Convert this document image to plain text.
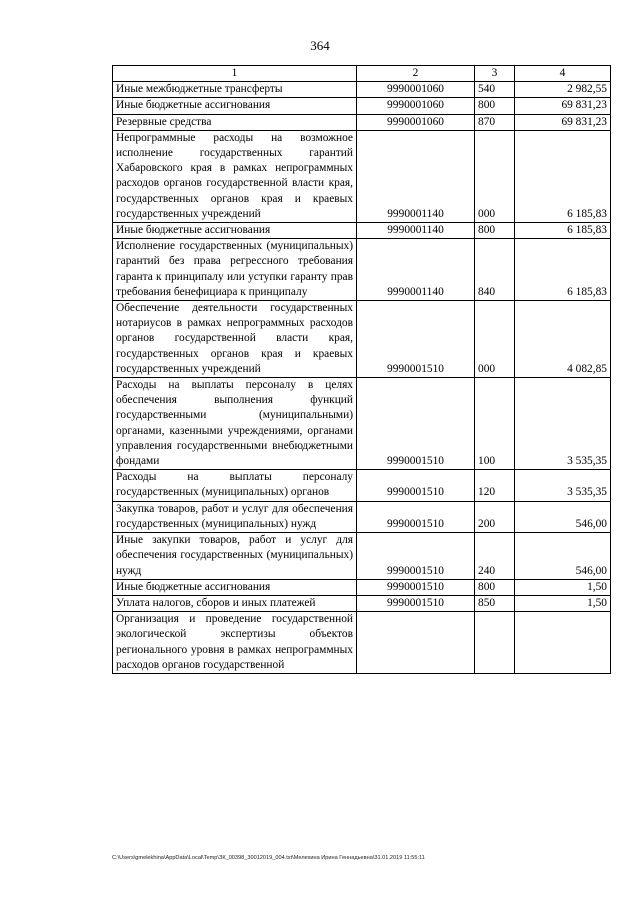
364
1	2	3	4
Иные межбюджетные трансферты	9990001060	540	2 982,55
Иные бюджетные ассигнования	9990001060	800	69 831,23
Резервные средства	9990001060	870	69 831,23
Непрограммные расходы на возможное исполнение государственных гарантий Хабаровского края в рамках непрограммных расходов органов государственной власти края, государственных органов края и краевых государственных учреждений	9990001140	000	6 185,83
Иные бюджетные ассигнования	9990001140	800	6 185,83
Исполнение государственных (муниципальных) гарантий без права регрессного требования гаранта к принципалу или уступки гаранту прав требования бенефициара к принципалу	9990001140	840	6 185,83
Обеспечение деятельности государственных нотариусов в рамках непрограммных расходов органов государственной власти края, государственных органов края и краевых государственных учреждений	9990001510	000	4 082,85
Расходы на выплаты персоналу в целях обеспечения выполнения функций государственными (муниципальными) органами, казенными учреждениями, органами управления государственными внебюджетными фондами	9990001510	100	3 535,35
Расходы на выплаты персоналу государственных (муниципальных) органов	9990001510	120	3 535,35
Закупка товаров, работ и услуг для обеспечения государственных (муниципальных) нужд	9990001510	200	546,00
Иные закупки товаров, работ и услуг для обеспечения государственных (муниципальных) нужд	9990001510	240	546,00
Иные бюджетные ассигнования	9990001510	800	1,50
Уплата налогов, сборов и иных платежей	9990001510	850	1,50
Организация и проведение государственной экологической экспертизы объектов регионального уровня в рамках непрограммных расходов органов государственной			
C:\Users\gmelekhina\AppData\Local\Temp\ЗК_00398_30012019_004.txt\Мелехина Ирина Геннадьевна\31.01.2019 11:55:11
